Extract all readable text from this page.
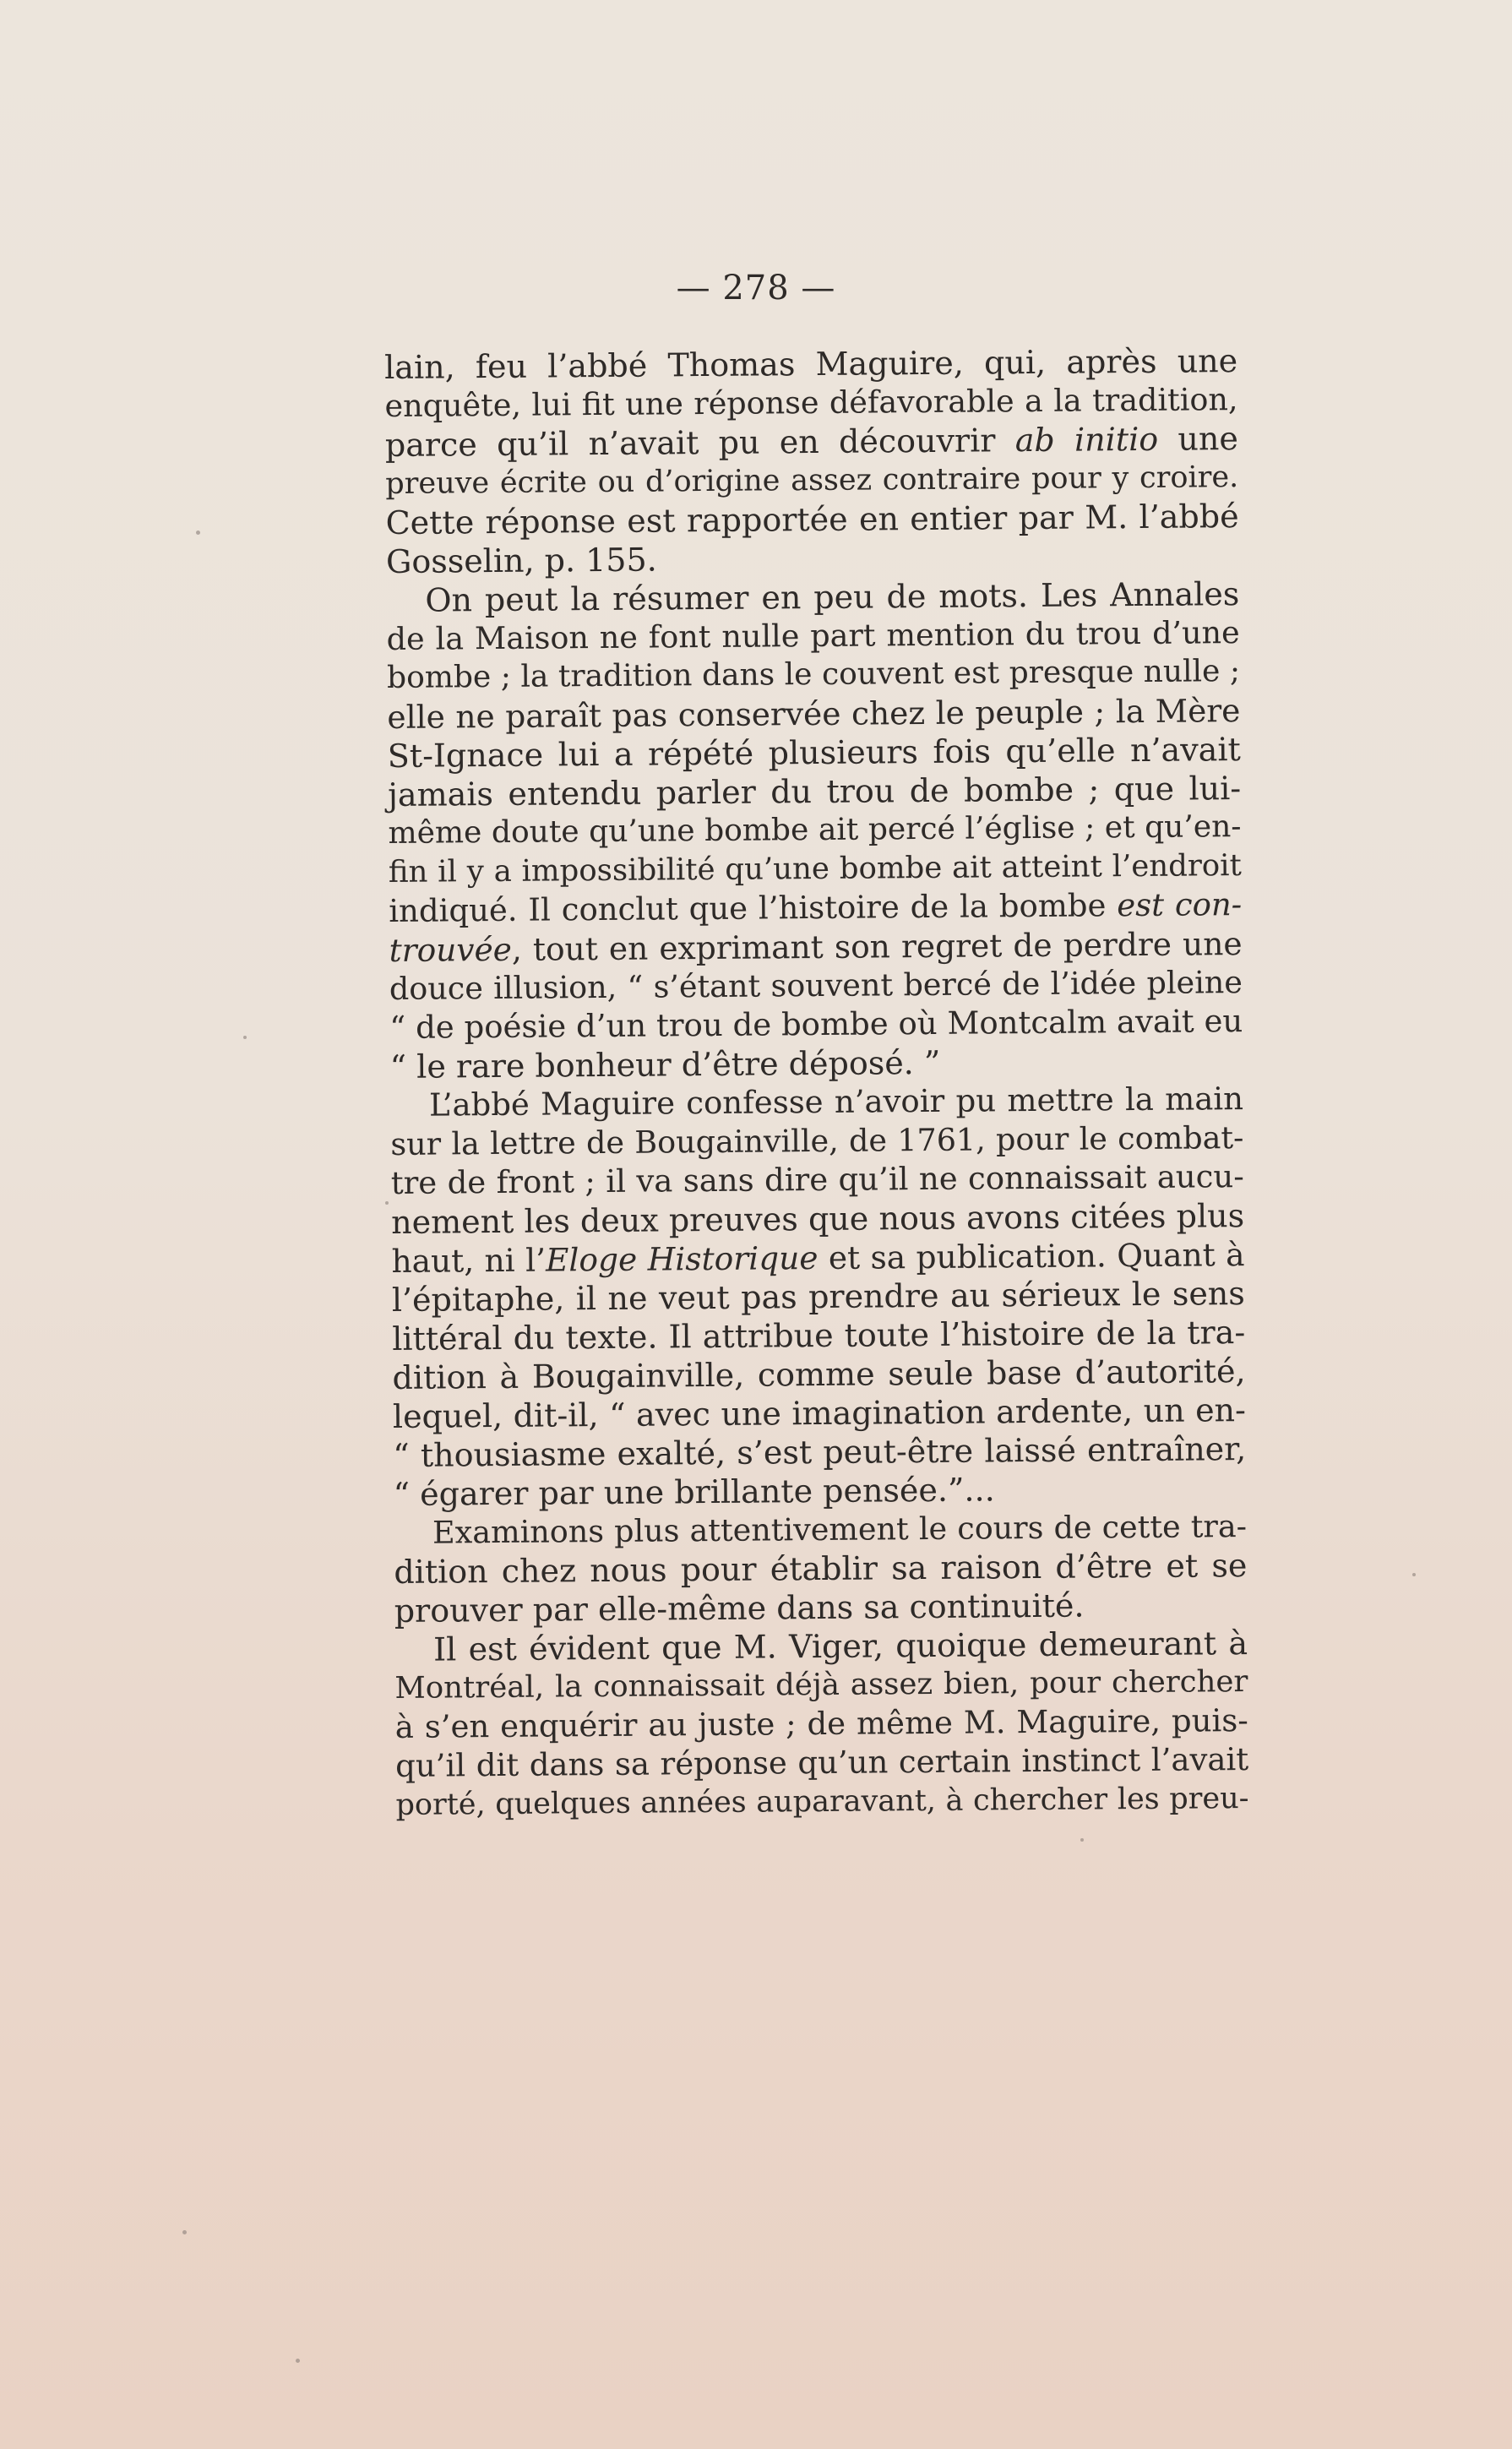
— 278 —
lain, feu l’abbé Thomas Maguire, qui, après une
enquête, lui fit une réponse défavorable a la tradition,
parce qu’il n’avait pu en découvrir ab initio une
preuve écrite ou d’origine assez contraire pour y croire.
Cette réponse est rapportée en entier par M. l’abbé
Gosselin, p. 155.
On peut la résumer en peu de mots. Les Annales
de la Maison ne font nulle part mention du trou d’une
bombe ; la tradition dans le couvent est presque nulle ;
elle ne paraît pas conservée chez le peuple ; la Mère
St-Ignace lui a répété plusieurs fois qu’elle n’avait
jamais entendu parler du trou de bombe ; que lui-
même doute qu’une bombe ait percé l’église ; et qu’en-
fin il y a impossibilité qu’une bombe ait atteint l’endroit
indiqué. Il conclut que l’histoire de la bombe est con-
trouvée, tout en exprimant son regret de perdre une
douce illusion, “ s’étant souvent bercé de l’idée pleine
“ de poésie d’un trou de bombe où Montcalm avait eu
“ le rare bonheur d’être déposé. ”
L’abbé Maguire confesse n’avoir pu mettre la main
sur la lettre de Bougainville, de 1761, pour le combat-
tre de front ; il va sans dire qu’il ne connaissait aucu-
nement les deux preuves que nous avons citées plus
haut, ni l’Eloge Historique et sa publication. Quant à
l’épitaphe, il ne veut pas prendre au sérieux le sens
littéral du texte. Il attribue toute l’histoire de la tra-
dition à Bougainville, comme seule base d’autorité,
lequel, dit-il, “ avec une imagination ardente, un en-
“ thousiasme exalté, s’est peut-être laissé entraîner,
“ égarer par une brillante pensée.”...
Examinons plus attentivement le cours de cette tra-
dition chez nous pour établir sa raison d’être et se
prouver par elle-même dans sa continuité.
Il est évident que M. Viger, quoique demeurant à
Montréal, la connaissait déjà assez bien, pour chercher
à s’en enquérir au juste ; de même M. Maguire, puis-
qu’il dit dans sa réponse qu’un certain instinct l’avait
porté, quelques années auparavant, à chercher les preu-
